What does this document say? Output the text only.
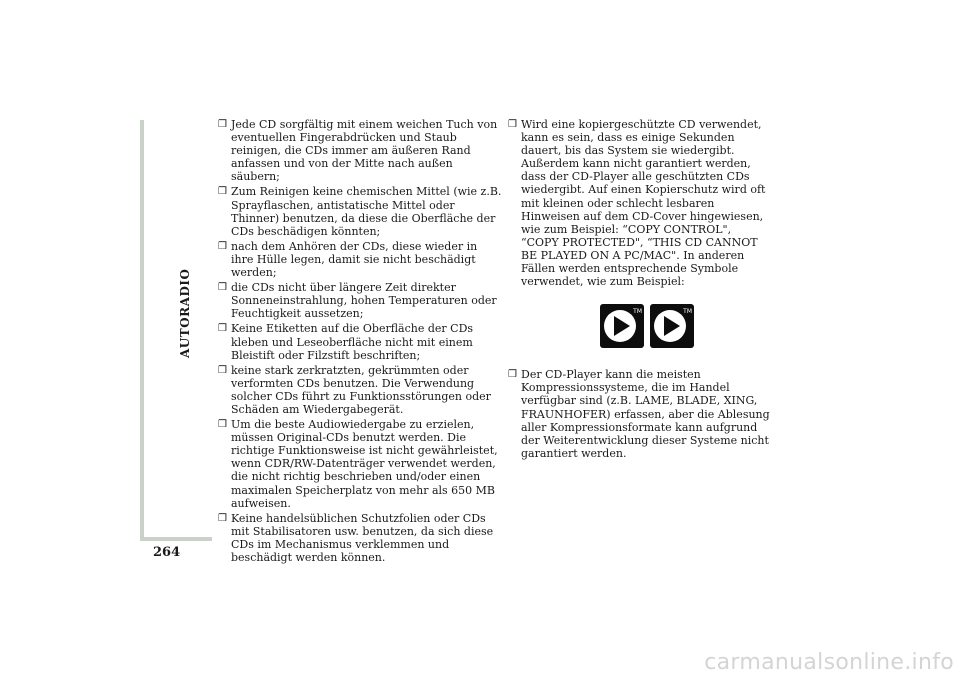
AUTORADIO
264
❒ Jede CD sorgfältig mit einem weichen Tuch von eventuellen Fingerabdrücken und Staub reinigen, die CDs immer am äußeren Rand anfassen und von der Mitte nach außen säubern;
❒ Zum Reinigen keine chemischen Mittel (wie z.B. Sprayflaschen, antistatische Mittel oder Thinner) benutzen, da diese die Oberfläche der CDs beschädigen könnten;
❒ nach dem Anhören der CDs, diese wieder in ihre Hülle legen, damit sie nicht beschädigt werden;
❒ die CDs nicht über längere Zeit direkter Sonneneinstrahlung, hohen Temperaturen oder Feuchtigkeit aussetzen;
❒ Keine Etiketten auf die Oberfläche der CDs kleben und Leseoberfläche nicht mit einem Bleistift oder Filzstift beschriften;
❒ keine stark zerkratzten, gekrümmten oder verformten CDs benutzen. Die Verwendung solcher CDs führt zu Funktionsstörungen oder Schäden am Wiedergabegerät.
❒ Um die beste Audiowiedergabe zu erzielen, müssen Original-CDs benutzt werden. Die richtige Funktionsweise ist nicht gewährleistet, wenn CDR/RW-Datenträger verwendet werden, die nicht richtig beschrieben und/oder einen maximalen Speicherplatz von mehr als 650 MB aufweisen.
❒ Keine handelsüblichen Schutzfolien oder CDs mit Stabilisatoren usw. benutzen, da sich diese CDs im Mechanismus verklemmen und beschädigt werden können.
❒ Wird eine kopiergeschützte CD verwendet, kann es sein, dass es einige Sekunden dauert, bis das System sie wiedergibt. Außerdem kann nicht garantiert werden, dass der CD-Player alle geschützten CDs wiedergibt. Auf einen Kopierschutz wird oft mit kleinen oder schlecht lesbaren Hinweisen auf dem CD-Cover hingewiesen, wie zum Beispiel: “COPY CONTROL", “COPY PROTECTED", “THIS CD CANNOT BE PLAYED ON A PC/MAC". In anderen Fällen werden entsprechende Symbole verwendet, wie zum Beispiel:
TM	TM
❒ Der CD-Player kann die meisten Kompressionssysteme, die im Handel verfügbar sind (z.B. LAME, BLADE, XING, FRAUNHOFER) erfassen, aber die Ablesung aller Kompressionsformate kann aufgrund der Weiterentwicklung dieser Systeme nicht garantiert werden.
carmanualsonline.info
